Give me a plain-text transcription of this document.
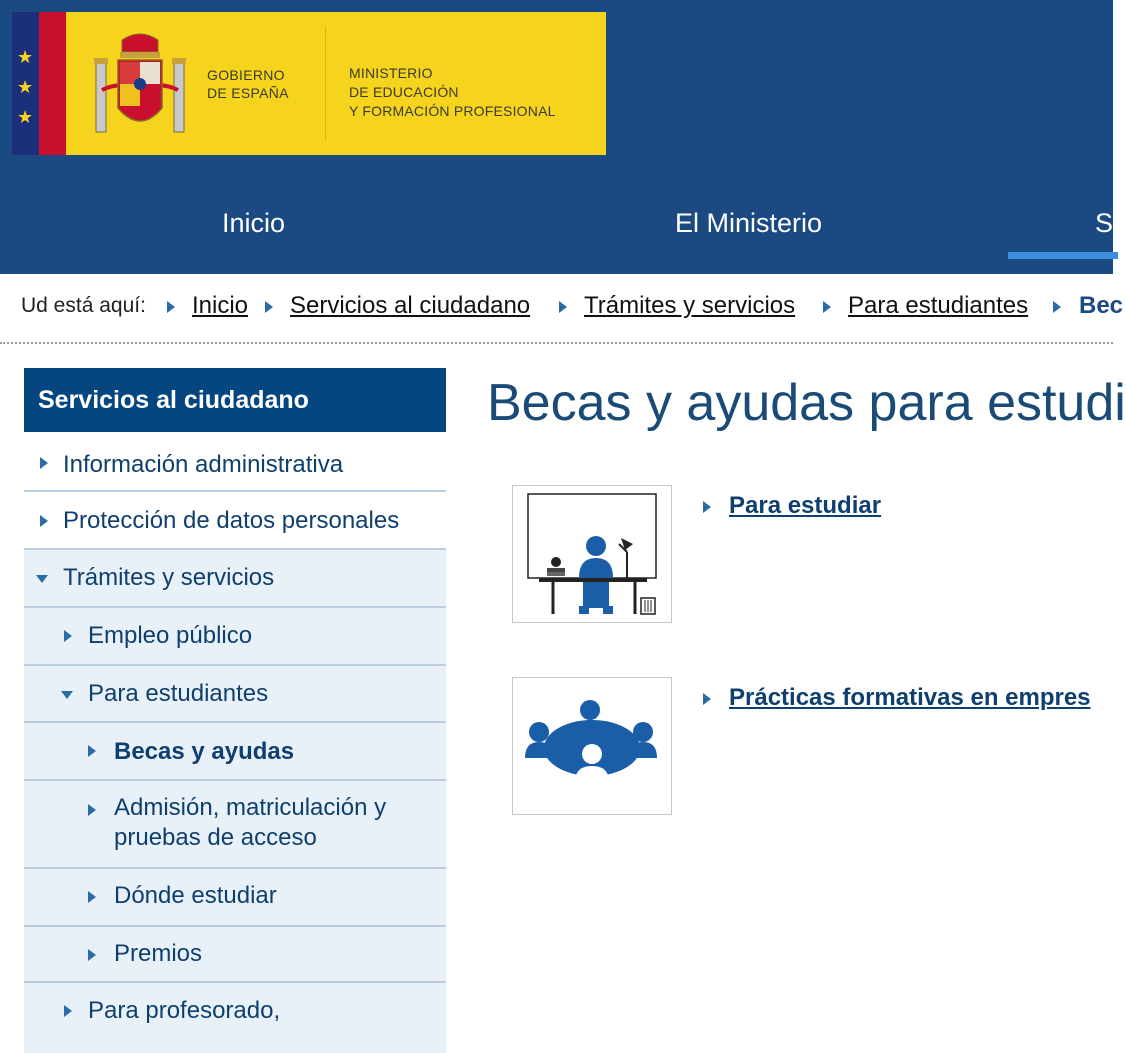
★
★
★
GOBIERNO
DE ESPAÑA
MINISTERIO
DE EDUCACIÓN
Y FORMACIÓN PROFESIONAL
Inicio	El Ministerio	S
Ud está aquí: Inicio Servicios al ciudadano Trámites y servicios Para estudiantes Bec
Servicios al ciudadano
Información administrativa
Protección de datos personales
Trámites y servicios
Empleo público
Para estudiantes
Becas y ayudas
Admisión, matriculación y
pruebas de acceso
Dónde estudiar
Premios
Para profesorado,
Becas y ayudas para estudi
Para estudiar
Prácticas formativas en empres
